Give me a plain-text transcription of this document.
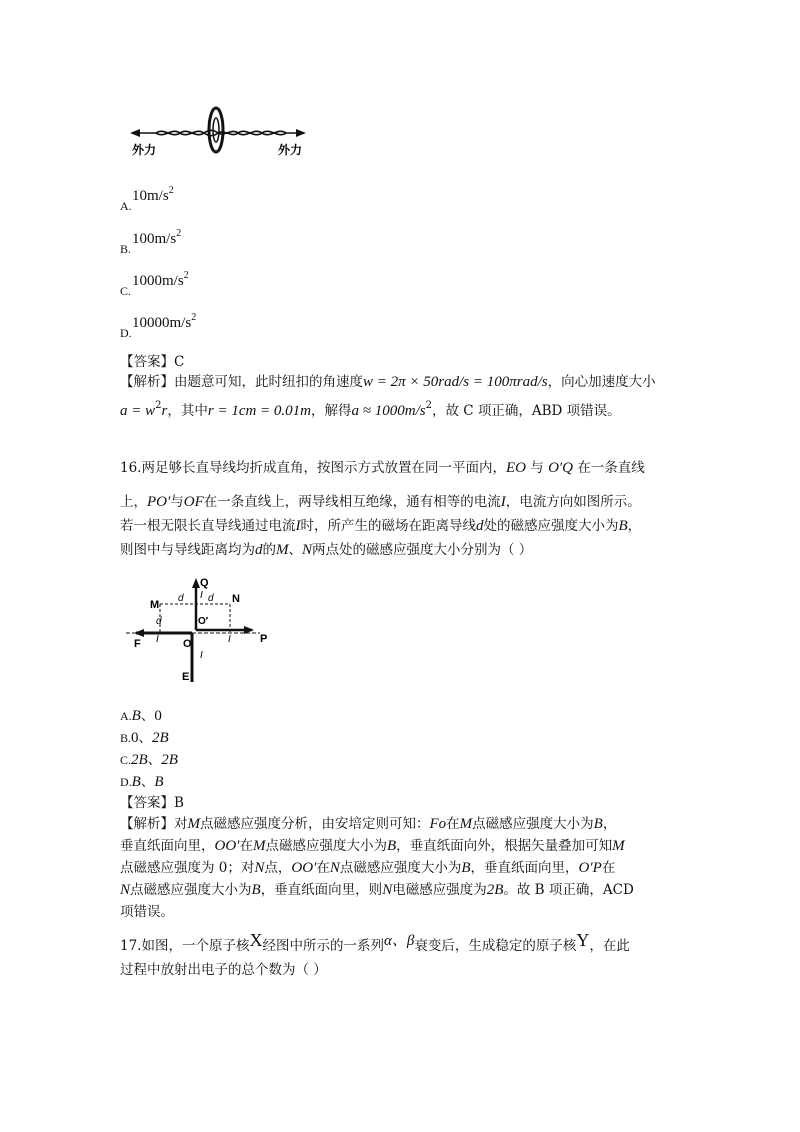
外力	外力
$10m/s^2$
A.
$100m/s^2$
B.
$1000m/s^2$
C.
$10000m/s^2$
D.
【答案】C
【解析】由题意可知，此时纽扣的角速度w = 2π × 50rad/s = 100πrad/s，向心加速度大小
$a = w^2r$，其中r = 1cm = 0.01m，解得$a \approx 1000m/s^2$，故 C 项正确，ABD 项错误。
16.两足够长直导线均折成直角，按图示方式放置在同一平面内，EO 与 O′Q 在一条直线
上，PO′与OF在一条直线上，两导线相互绝缘，通有相等的电流I，电流方向如图所示。
若一根无限长直导线通过电流I时，所产生的磁场在距离导线d处的磁感应强度大小为B，
则图中与导线距离均为d的M、N两点处的磁感应强度大小分别为（ ）
Q
M	N
d d
d	O′
O
F	P
E
I	I
I
I
A.B、0
B.0、2B
C.2B、2B
D.B、B
【答案】B
【解析】对M点磁感应强度分析，由安培定则可知：Fo在M点磁感应强度大小为B，
垂直纸面向里，OO′在M点磁感应强度大小为B，垂直纸面向外，根据矢量叠加可知M
点磁感应强度为 0；对N点，OO′在N点磁感应强度大小为B，垂直纸面向里，O′P在
N点磁感应强度大小为B，垂直纸面向里，则N电磁感应强度为2B。故 B 项正确，ACD
项错误。
17.如图，一个原子核X经图中所示的一系列α、β衰变后，生成稳定的原子核Y，在此
过程中放射出电子的总个数为（ ）
